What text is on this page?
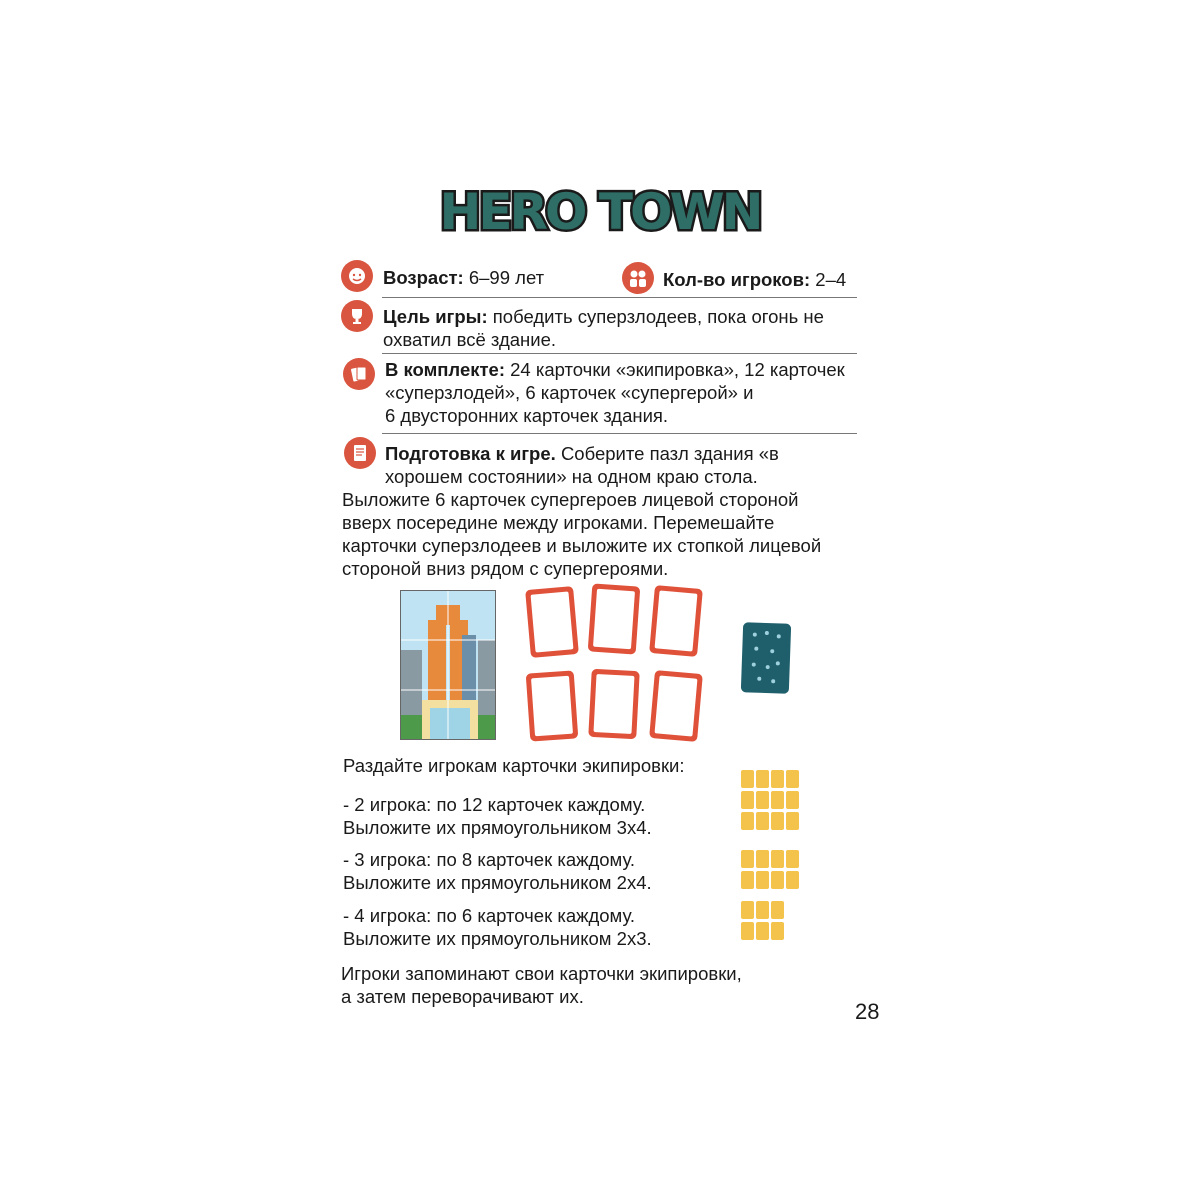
HERO TOWN
Возраст: 6–99 лет	Кол-во игроков: 2–4
Цель игры: победить суперзлодеев, пока огонь не
охватил всё здание.
В комплекте: 24 карточки «экипировка», 12 карточек
«суперзлодей», 6 карточек «супергерой» и
6 двусторонних карточек здания.
Подготовка к игре. Соберите пазл здания «в
хорошем состоянии» на одном краю стола.
Выложите 6 карточек супергероев лицевой стороной
вверх посередине между игроками. Перемешайте
карточки суперзлодеев и выложите их стопкой лицевой
стороной вниз рядом с супергероями.
Раздайте игрокам карточки экипировки:
- 2 игрока: по 12 карточек каждому.
Выложите их прямоугольником 3x4.
- 3 игрока: по 8 карточек каждому.
Выложите их прямоугольником 2x4.
- 4 игрока: по 6 карточек каждому.
Выложите их прямоугольником 2x3.
Игроки запоминают свои карточки экипировки,
а затем переворачивают их.
28
